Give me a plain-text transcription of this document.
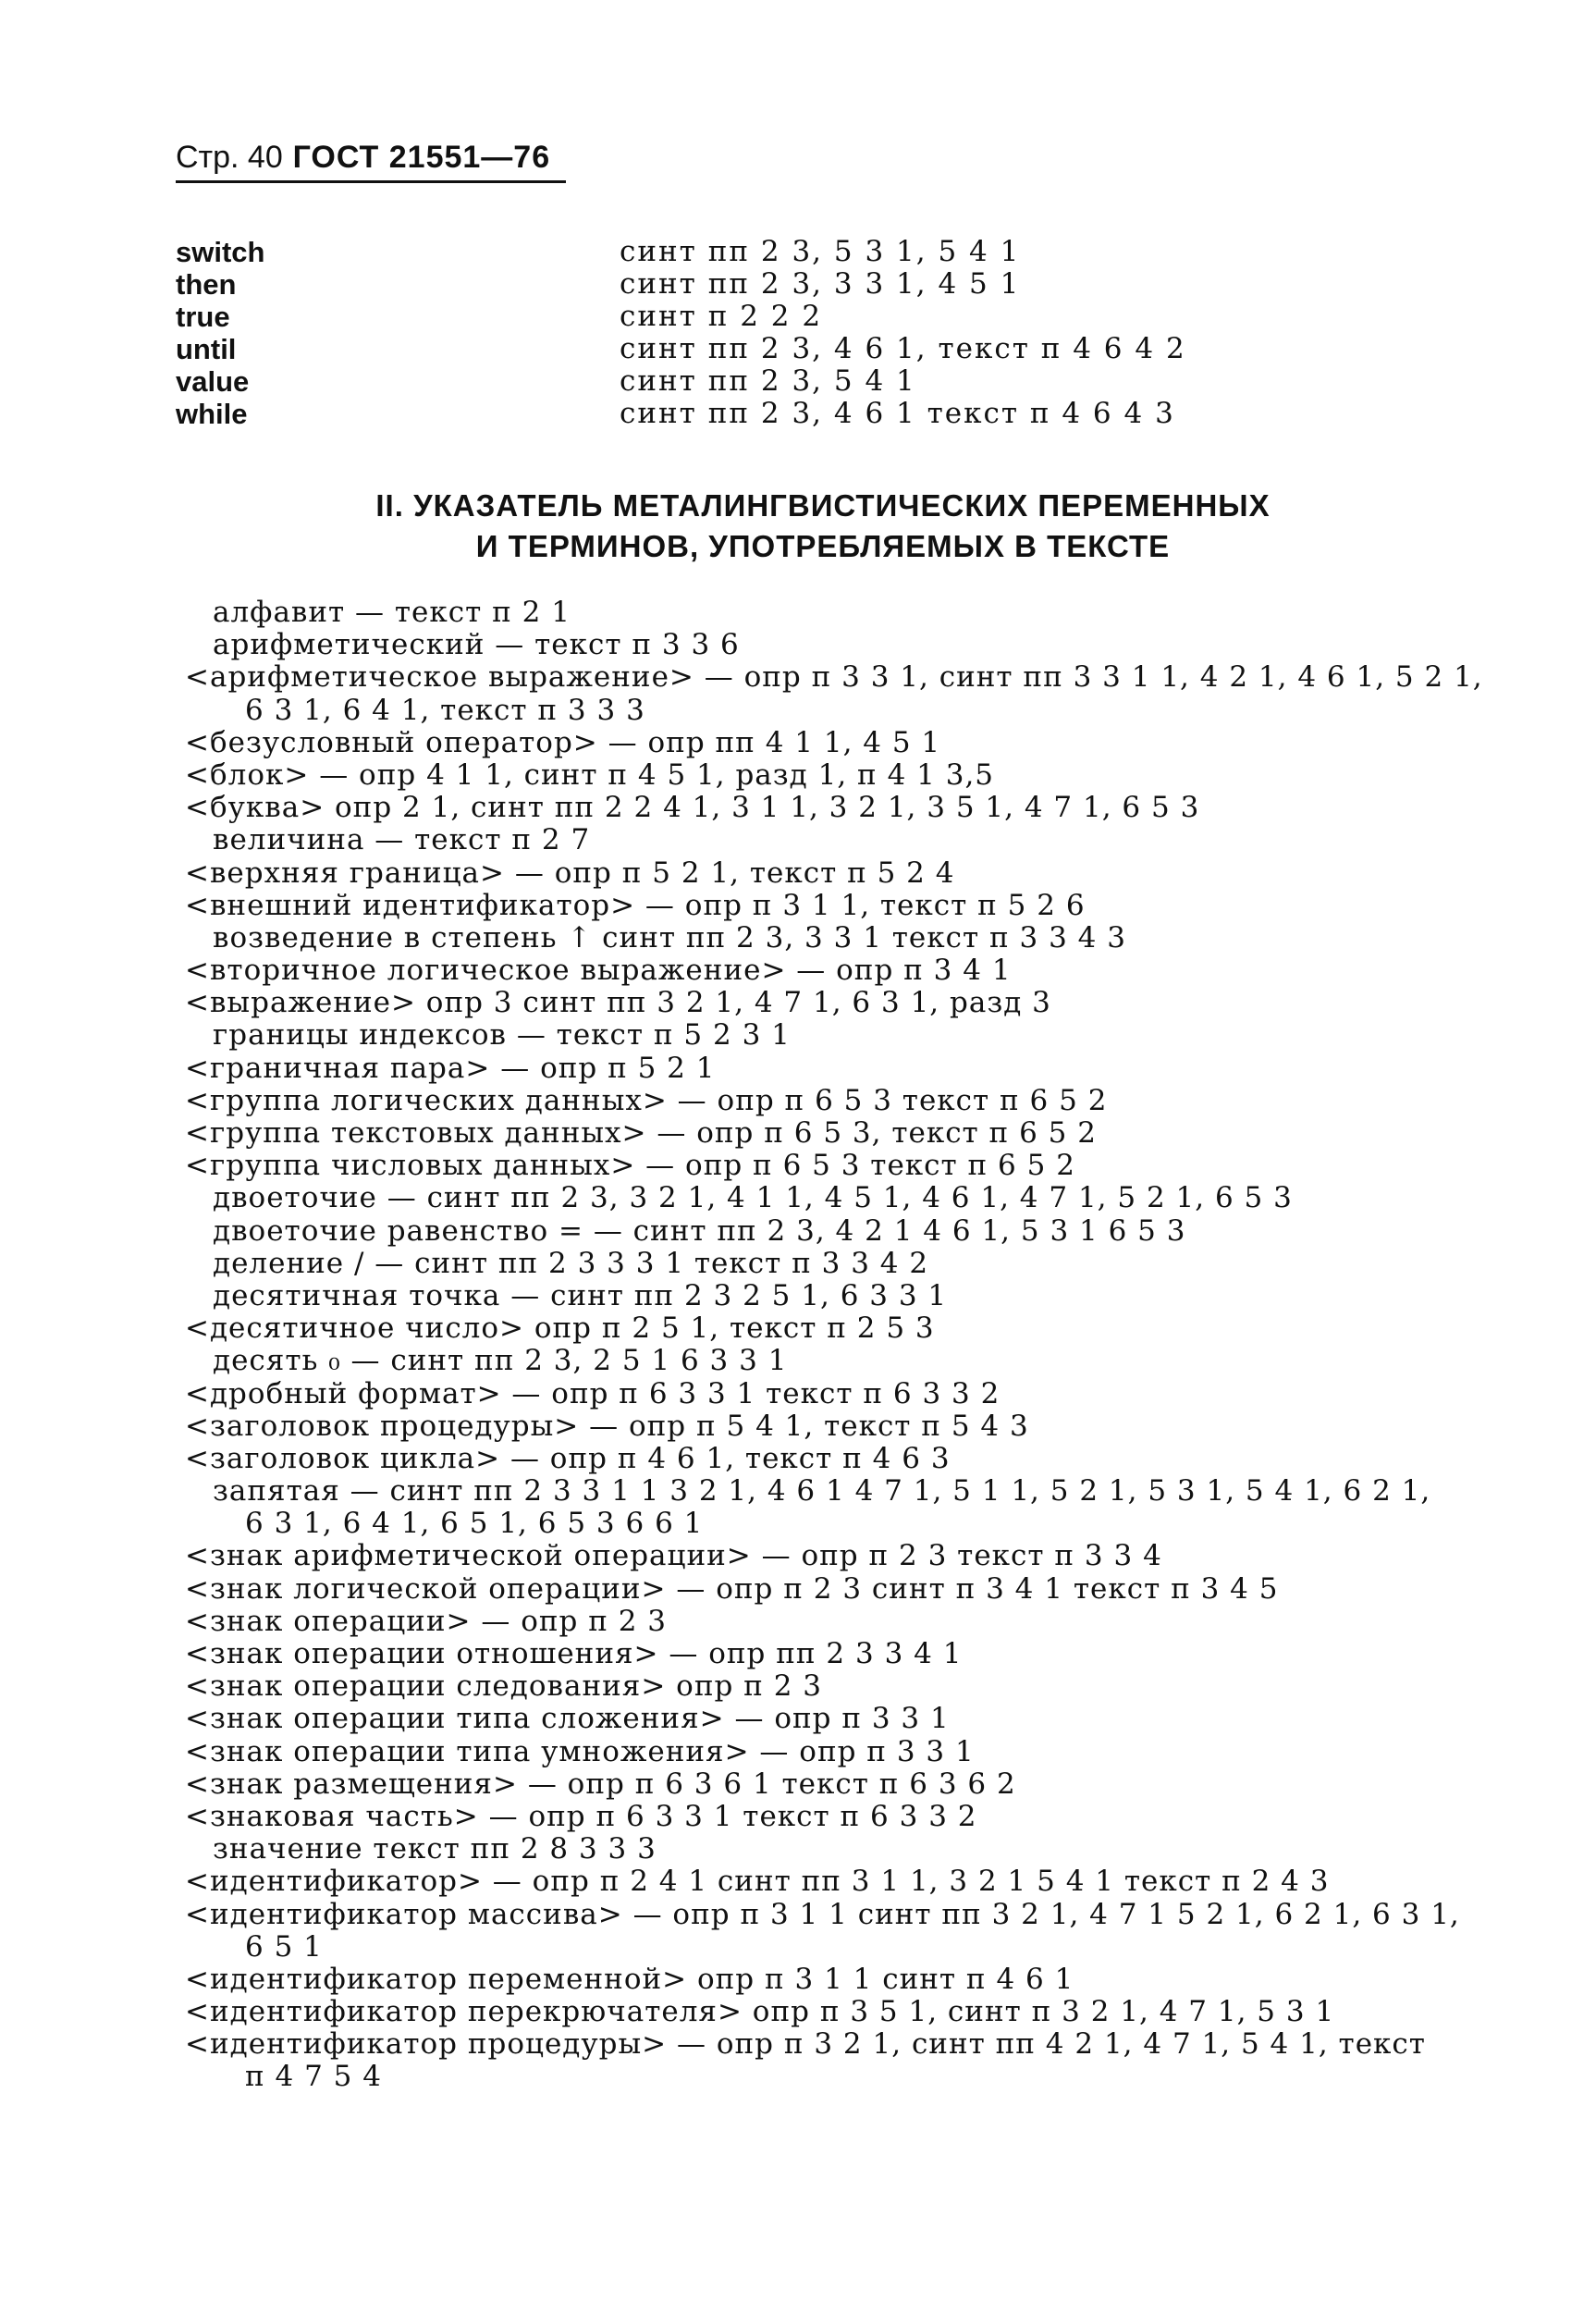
Стр. 40 ГОСТ 21551—76
switch	синт пп 2 3, 5 3 1, 5 4 1
then	синт пп 2 3, 3 3 1, 4 5 1
true	синт п 2 2 2
until	синт пп 2 3, 4 6 1, текст п 4 6 4 2
value	синт пп 2 3, 5 4 1
while	синт пп 2 3, 4 6 1 текст п 4 6 4 3
II. УКАЗАТЕЛЬ МЕТАЛИНГВИСТИЧЕСКИХ ПЕРЕМЕННЫХ
И ТЕРМИНОВ, УПОТРЕБЛЯЕМЫХ В ТЕКСТЕ
алфавит — текст п 2 1
арифметический — текст п 3 3 6
<арифметическое выражение> — опр п 3 3 1, синт пп 3 3 1 1, 4 2 1, 4 6 1, 5 2 1,
6 3 1, 6 4 1, текст п 3 3 3
<безусловный оператор> — опр пп 4 1 1, 4 5 1
<блок> — опр 4 1 1, синт п 4 5 1, разд 1, п 4 1 3,5
<буква> опр 2 1, синт пп 2 2 4 1, 3 1 1, 3 2 1, 3 5 1, 4 7 1, 6 5 3
величина — текст п 2 7
<верхняя граница> — опр п 5 2 1, текст п 5 2 4
<внешний идентификатор> — опр п 3 1 1, текст п 5 2 6
возведение в степень ↑ синт пп 2 3, 3 3 1 текст п 3 3 4 3
<вторичное логическое выражение> — опр п 3 4 1
<выражение> опр 3 синт пп 3 2 1, 4 7 1, 6 3 1, разд 3
границы индексов — текст п 5 2 3 1
<граничная пара> — опр п 5 2 1
<группа логических данных> — опр п 6 5 3 текст п 6 5 2
<группа текстовых данных> — опр п 6 5 3, текст п 6 5 2
<группа числовых данных> — опр п 6 5 3 текст п 6 5 2
двоеточие — синт пп 2 3, 3 2 1, 4 1 1, 4 5 1, 4 6 1, 4 7 1, 5 2 1, 6 5 3
двоеточие равенство = — синт пп 2 3, 4 2 1 4 6 1, 5 3 1 6 5 3
деление / — синт пп 2 3 3 3 1 текст п 3 3 4 2
десятичная точка — синт пп 2 3 2 5 1, 6 3 3 1
<десятичное число> опр п 2 5 1, текст п 2 5 3
десять ₀ — синт пп 2 3, 2 5 1 6 3 3 1
<дробный формат> — опр п 6 3 3 1 текст п 6 3 3 2
<заголовок процедуры> — опр п 5 4 1, текст п 5 4 3
<заголовок цикла> — опр п 4 6 1, текст п 4 6 3
запятая — синт пп 2 3 3 1 1 3 2 1, 4 6 1 4 7 1, 5 1 1, 5 2 1, 5 3 1, 5 4 1, 6 2 1,
6 3 1, 6 4 1, 6 5 1, 6 5 3 6 6 1
<знак арифметической операции> — опр п 2 3 текст п 3 3 4
<знак логической операции> — опр п 2 3 синт п 3 4 1 текст п 3 4 5
<знак операции> — опр п 2 3
<знак операции отношения> — опр пп 2 3 3 4 1
<знак операции следования> опр п 2 3
<знак операции типа сложения> — опр п 3 3 1
<знак операции типа умножения> — опр п 3 3 1
<знак размещения> — опр п 6 3 6 1 текст п 6 3 6 2
<знаковая часть> — опр п 6 3 3 1 текст п 6 3 3 2
значение текст пп 2 8 3 3 3
<идентификатор> — опр п 2 4 1 синт пп 3 1 1, 3 2 1 5 4 1 текст п 2 4 3
<идентификатор массива> — опр п 3 1 1 синт пп 3 2 1, 4 7 1 5 2 1, 6 2 1, 6 3 1,
6 5 1
<идентификатор переменной> опр п 3 1 1 синт п 4 6 1
<идентификатор перекрючателя> опр п 3 5 1, синт п 3 2 1, 4 7 1, 5 3 1
<идентификатор процедуры> — опр п 3 2 1, синт пп 4 2 1, 4 7 1, 5 4 1, текст
п 4 7 5 4
